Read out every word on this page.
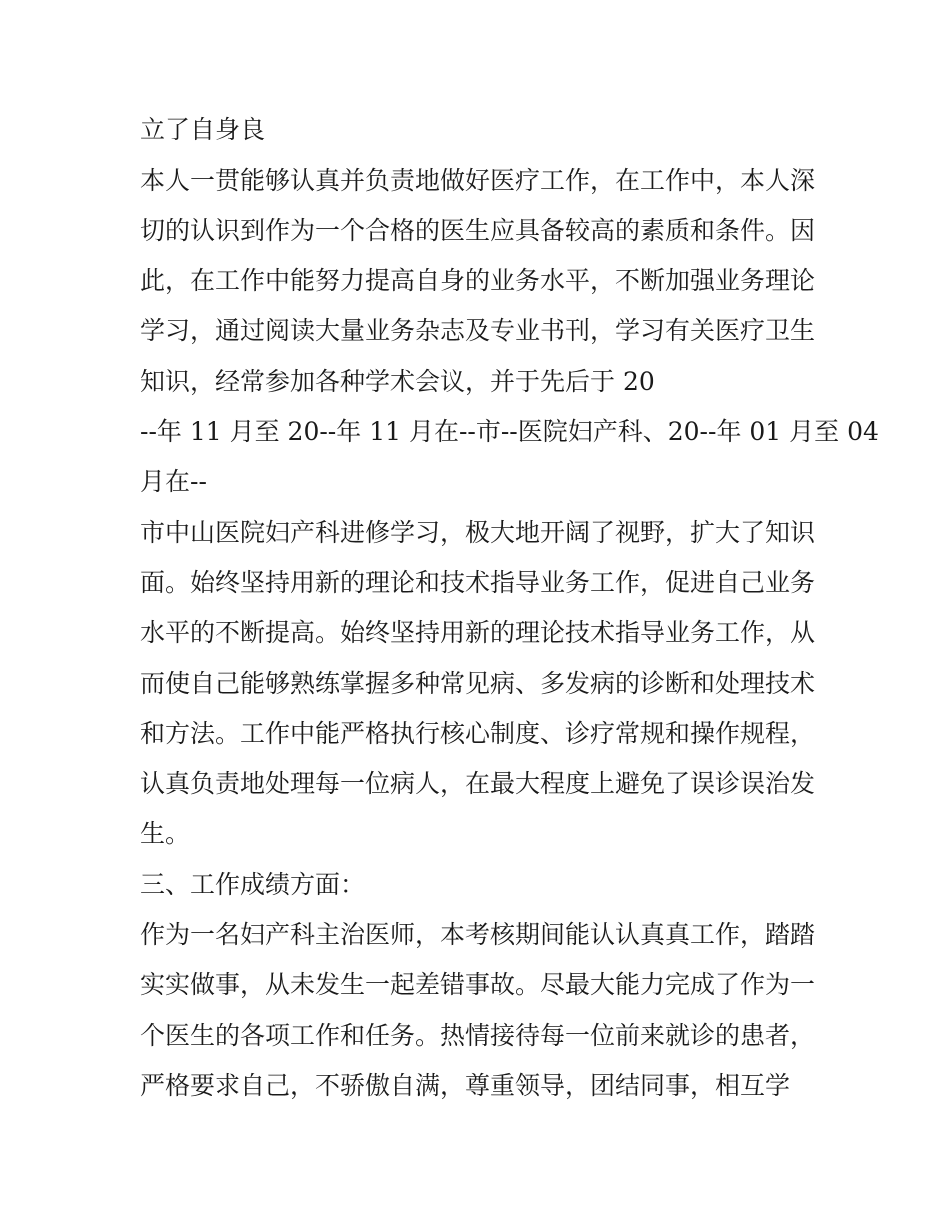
立了自身良
本人一贯能够认真并负责地做好医疗工作，在工作中，本人深
切的认识到作为一个合格的医生应具备较高的素质和条件。因
此，在工作中能努力提高自身的业务水平，不断加强业务理论
学习，通过阅读大量业务杂志及专业书刊，学习有关医疗卫生
知识，经常参加各种学术会议，并于先后于 20
--年 11 月至 20--年 11 月在--市--医院妇产科、20--年 01 月至 04
月在--
市中山医院妇产科进修学习，极大地开阔了视野，扩大了知识
面。始终坚持用新的理论和技术指导业务工作，促进自己业务
水平的不断提高。始终坚持用新的理论技术指导业务工作，从
而使自己能够熟练掌握多种常见病、多发病的诊断和处理技术
和方法。工作中能严格执行核心制度、诊疗常规和操作规程，
认真负责地处理每一位病人，在最大程度上避免了误诊误治发
生。
三、工作成绩方面：
作为一名妇产科主治医师，本考核期间能认认真真工作，踏踏
实实做事，从未发生一起差错事故。尽最大能力完成了作为一
个医生的各项工作和任务。热情接待每一位前来就诊的患者，
严格要求自己，不骄傲自满，尊重领导，团结同事，相互学
